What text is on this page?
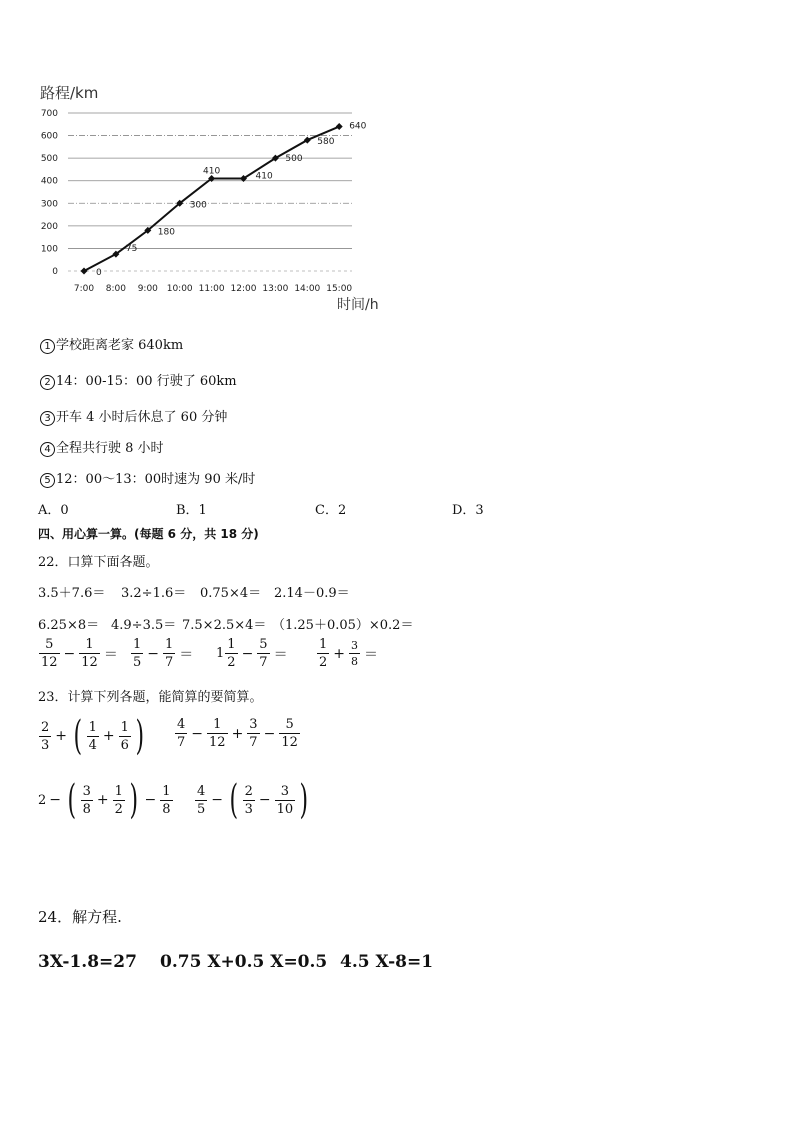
路程/km
时间/h
0
100
200
300
400
500
600
700
7:00 8:00 9:00 10:00 11:00 12:00 13:00 14:00 15:00
0
75
180
300
410	410
500
580
640
1 学校距离老家 640km
2 14：00-15：00 行驶了 60km
3 开车 4 小时后休息了 60 分钟
4 全程共行驶 8 小时
5 12：00～13：00时速为 90 米/时
A．0	B．1	C．2	D．3
四、用心算一算。(每题 6 分，共 18 分)
22．口算下面各题。
3.5＋7.6＝ 3.2÷1.6＝ 0.75×4＝ 2.14－0.9＝
6.25×8＝ 4.9÷3.5＝ 7.5×2.5×4＝ （1.25＋0.05）×0.2＝
$\frac{5}{12} - \frac{1}{12} = \frac{1}{5} - \frac{1}{7} = 1 \frac{1}{2} - \frac{5}{7} = \frac{1}{2} + \frac{3}{8}$ ＝
23．计算下列各题，能简算的要简算。
$\frac{2}{3}$ + ( $\frac{1}{4} + \frac{1}{6}$ ) $\frac{4}{7} - \frac{1}{12} + \frac{3}{7} - \frac{5}{12}$
2 − ( $\frac{3}{8} + \frac{1}{2}$ ) − $\frac{1}{8} \frac{4}{5}$ − ( $\frac{2}{3} - \frac{3}{10}$ )
24．解方程.
3X-1.8=27 0.75 X+0.5 X=0.5 4.5 X-8=1
